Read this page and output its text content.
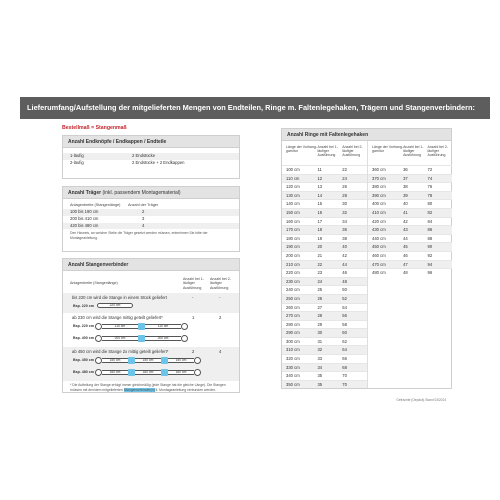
Lieferumfang/Aufstellung der mitgelieferten Mengen von Endteilen, Ringe m. Faltenlegehaken, Trägern und Stangenverbindern:
Bestellmaß = Stangenmaß
Anzahl Endknöpfe / Endkappen / Endteile
1-läufig	2 Endstücke
2-läufig	2 Endstücke + 2 Endkappen
Anzahl Träger (inkl. passendem Montagematerial)
Anlagenbreite (Stangenlänge)	Anzahl der Träger
100 bis 190 cm	2
200 bis 410 cm	3
420 bis 480 cm	4
Den Hinweis, an welcher Stelle die Träger gesetzt werden müssen, entnehmen Sie bitte der Montageanleitung.
Anzahl Stangenverbinder
Anlagenbreite (Stangenlänge)
Anzahl bei 1-läufiger Ausführung
Anzahl bei 2-läufiger Ausführung
bis 220 cm wird die Stange in einem Stück geliefert	-	-
Bsp. 220 cm	220 cm
ab 230 cm wird die Stange mittig geteilt geliefert*	1	2
Bsp. 220 cm	110 cm	110 cm
Bsp. 400 cm	200 cm	200 cm
ab 450 cm wird die Stange 2x mittig geteilt geliefert*	2	4
Bsp. 450 cm	150 cm	150 cm	150 cm
Bsp. 480 cm	160 cm	160 cm	160 cm
* Die Aufteilung der Stange erfolgt immer gleichmäßig (jede Stange hat die gleiche Länge). Die Stangen müssen mit den/dem mitgelieferten Stangenverbinder(n) lt. Montageanleitung verbunden werden.
Anzahl Ringe mit Faltenlegehaken
Länge der Vorhang-garnitur
Anzahl bei 1-läufiger Ausführung
Anzahl bei 2-läufiger Ausführung
100 cm	11	22
110 cm	12	24
120 cm	13	26
130 cm	14	28
140 cm	15	30
150 cm	16	32
160 cm	17	34
170 cm	18	36
180 cm	19	38
190 cm	20	40
200 cm	21	42
210 cm	22	44
220 cm	23	46
230 cm	24	48
240 cm	25	50
250 cm	26	52
260 cm	27	54
270 cm	28	56
280 cm	29	58
290 cm	30	60
300 cm	31	62
310 cm	32	64
320 cm	33	66
330 cm	34	68
340 cm	35	70
350 cm	35	70
Länge der Vorhang-garnitur
Anzahl bei 1-läufiger Ausführung
Anzahl bei 2-läufiger Ausführung
360 cm	36	72
370 cm	37	74
380 cm	38	76
390 cm	39	78
400 cm	40	80
410 cm	41	82
420 cm	42	84
430 cm	43	86
440 cm	44	88
450 cm	45	90
460 cm	46	92
470 cm	47	94
480 cm	48	96
Gefrachte (Gepäck) Stand 03/2024
